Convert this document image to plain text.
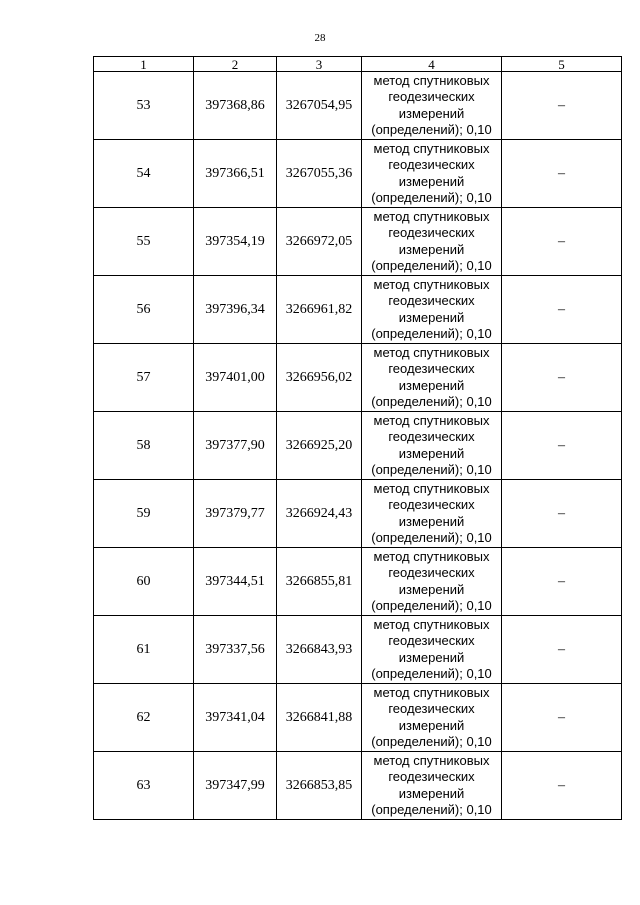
28
1	2	3	4	5
53	397368,86	3267054,95	метод спутниковых
геодезических
измерений
(определений); 0,10	–
54	397366,51	3267055,36	метод спутниковых
геодезических
измерений
(определений); 0,10	–
55	397354,19	3266972,05	метод спутниковых
геодезических
измерений
(определений); 0,10	–
56	397396,34	3266961,82	метод спутниковых
геодезических
измерений
(определений); 0,10	–
57	397401,00	3266956,02	метод спутниковых
геодезических
измерений
(определений); 0,10	–
58	397377,90	3266925,20	метод спутниковых
геодезических
измерений
(определений); 0,10	–
59	397379,77	3266924,43	метод спутниковых
геодезических
измерений
(определений); 0,10	–
60	397344,51	3266855,81	метод спутниковых
геодезических
измерений
(определений); 0,10	–
61	397337,56	3266843,93	метод спутниковых
геодезических
измерений
(определений); 0,10	–
62	397341,04	3266841,88	метод спутниковых
геодезических
измерений
(определений); 0,10	–
63	397347,99	3266853,85	метод спутниковых
геодезических
измерений
(определений); 0,10	–
